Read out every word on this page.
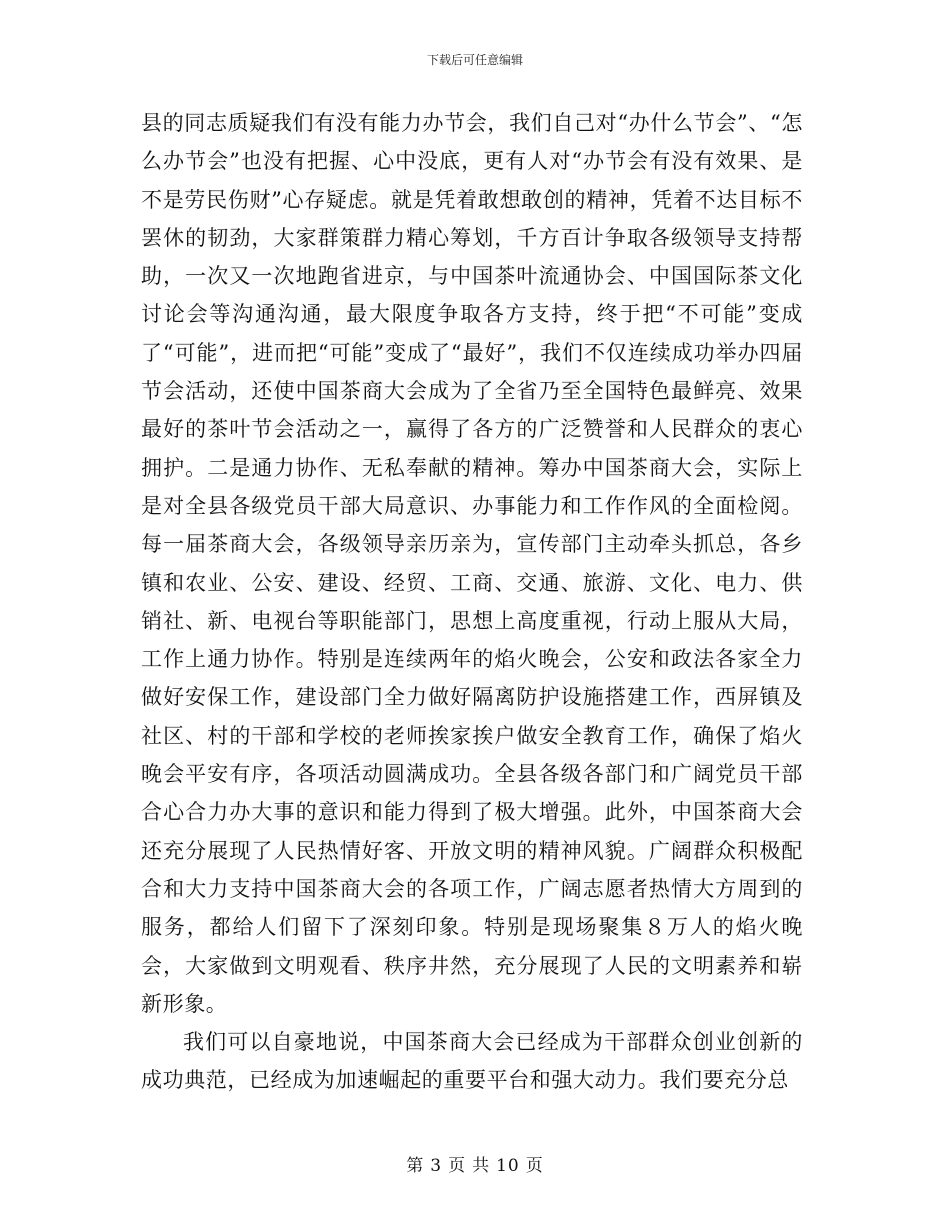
下载后可任意编辑

县的同志质疑我们有没有能力办节会，我们自己对“办什么节会”、“怎么办节会”也没有把握、心中没底，更有人对“办节会有没有效果、是不是劳民伤财”心存疑虑。就是凭着敢想敢创的精神，凭着不达目标不罢休的韧劲，大家群策群力精心筹划，千方百计争取各级领导支持帮助，一次又一次地跑省进京，与中国茶叶流通协会、中国国际茶文化讨论会等沟通沟通，最大限度争取各方支持，终于把“不可能”变成了“可能”，进而把“可能”变成了“最好”，我们不仅连续成功举办四届节会活动，还使中国茶商大会成为了全省乃至全国特色最鲜亮、效果最好的茶叶节会活动之一，赢得了各方的广泛赞誉和人民群众的衷心拥护。二是通力协作、无私奉献的精神。筹办中国茶商大会，实际上是对全县各级党员干部大局意识、办事能力和工作作风的全面检阅。每一届茶商大会，各级领导亲历亲为，宣传部门主动牵头抓总，各乡镇和农业、公安、建设、经贸、工商、交通、旅游、文化、电力、供销社、新、电视台等职能部门，思想上高度重视，行动上服从大局，工作上通力协作。特别是连续两年的焰火晚会，公安和政法各家全力做好安保工作，建设部门全力做好隔离防护设施搭建工作，西屏镇及社区、村的干部和学校的老师挨家挨户做安全教育工作，确保了焰火晚会平安有序，各项活动圆满成功。全县各级各部门和广阔党员干部合心合力办大事的意识和能力得到了极大增强。此外，中国茶商大会还充分展现了人民热情好客、开放文明的精神风貌。广阔群众积极配合和大力支持中国茶商大会的各项工作，广阔志愿者热情大方周到的服务，都给人们留下了深刻印象。特别是现场聚集８万人的焰火晚会，大家做到文明观看、秩序井然，充分展现了人民的文明素养和崭新形象。

我们可以自豪地说，中国茶商大会已经成为干部群众创业创新的成功典范，已经成为加速崛起的重要平台和强大动力。我们要充分总

第 3 页 共 10 页
